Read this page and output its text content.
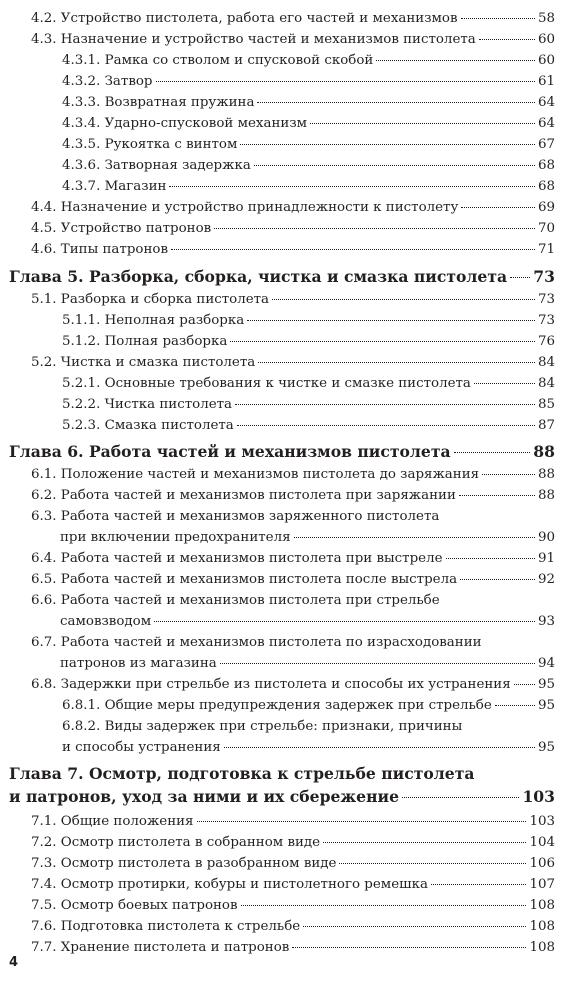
4.2. Устройство пистолета, работа его частей и механизмов	58
4.3. Назначение и устройство частей и механизмов пистолета	60
4.3.1. Рамка со стволом и спусковой скобой	60
4.3.2. Затвор	61
4.3.3. Возвратная пружина	64
4.3.4. Ударно-спусковой механизм	64
4.3.5. Рукоятка с винтом	67
4.3.6. Затворная задержка	68
4.3.7. Магазин	68
4.4. Назначение и устройство принадлежности к пистолету	69
4.5. Устройство патронов	70
4.6. Типы патронов	71
Глава 5. Разборка, сборка, чистка и смазка пистолета 73
5.1. Разборка и сборка пистолета	73
5.1.1. Неполная разборка	73
5.1.2. Полная разборка	76
5.2. Чистка и смазка пистолета	84
5.2.1. Основные требования к чистке и смазке пистолета	84
5.2.2. Чистка пистолета	85
5.2.3. Смазка пистолета	87
Глава 6. Работа частей и механизмов пистолета	88
6.1. Положение частей и механизмов пистолета до заряжания	88
6.2. Работа частей и механизмов пистолета при заряжании	88
6.3. Работа частей и механизмов заряженного пистолета
при включении предохранителя	90
6.4. Работа частей и механизмов пистолета при выстреле	91
6.5. Работа частей и механизмов пистолета после выстрела	92
6.6. Работа частей и механизмов пистолета при стрельбе
самовзводом	93
6.7. Работа частей и механизмов пистолета по израсходовании
патронов из магазина	94
6.8. Задержки при стрельбе из пистолета и способы их устранения 95
6.8.1. Общие меры предупреждения задержек при стрельбе	95
6.8.2. Виды задержек при стрельбе: признаки, причины
и способы устранения	95
Глава 7. Осмотр, подготовка к стрельбе пистолета
и патронов, уход за ними и их сбережение	103
7.1. Общие положения	103
7.2. Осмотр пистолета в собранном виде	104
7.3. Осмотр пистолета в разобранном виде	106
7.4. Осмотр протирки, кобуры и пистолетного ремешка	107
7.5. Осмотр боевых патронов	108
7.6. Подготовка пистолета к стрельбе	108
7.7. Хранение пистолета и патронов	108
4
